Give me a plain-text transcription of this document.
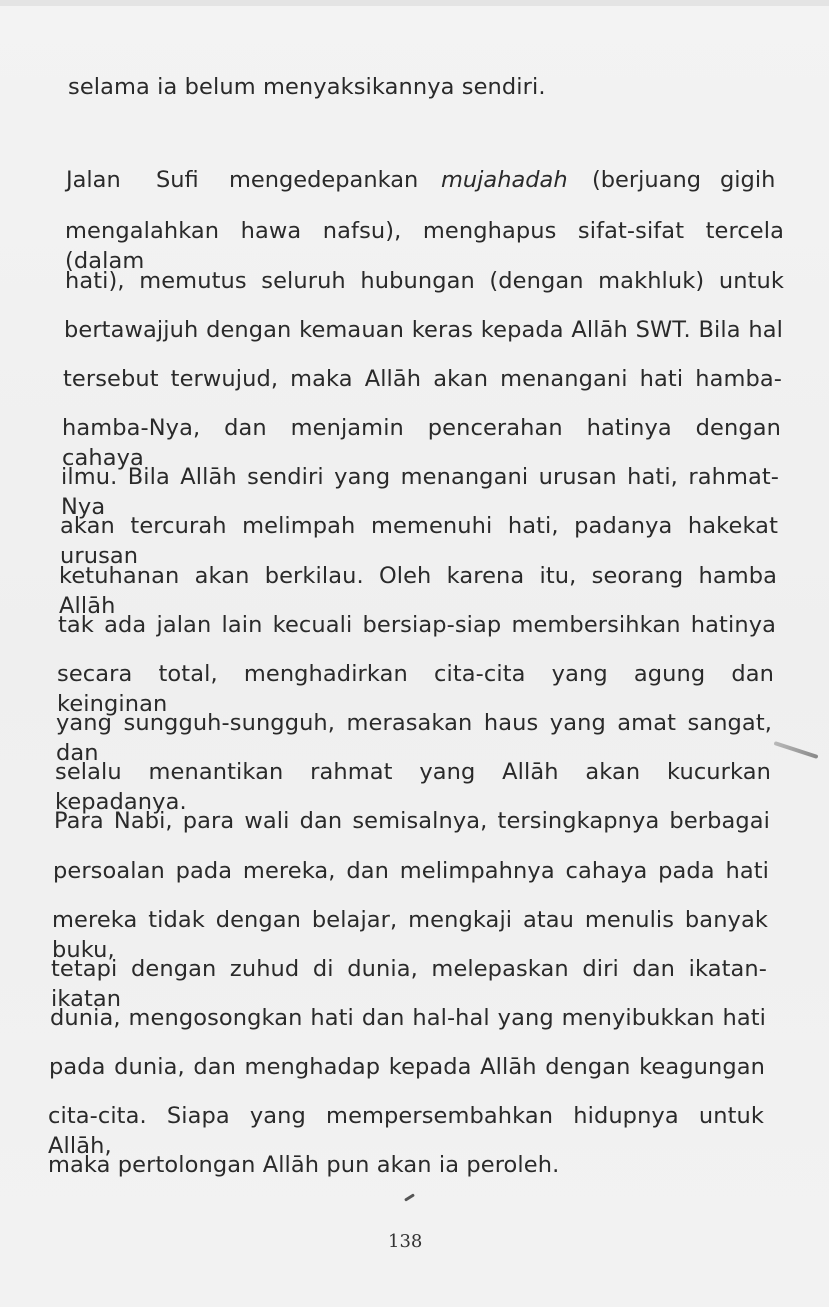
selama ia belum menyaksikannya sendiri.
Jalan Sufi mengedepankan mujahadah (berjuang gigih
mengalahkan hawa nafsu), menghapus sifat-sifat tercela (dalam
hati), memutus seluruh hubungan (dengan makhluk) untuk
bertawajjuh dengan kemauan keras kepada Allāh SWT. Bila hal
tersebut terwujud, maka Allāh akan menangani hati hamba-
hamba-Nya, dan menjamin pencerahan hatinya dengan cahaya
ilmu. Bila Allāh sendiri yang menangani urusan hati, rahmat-Nya
akan tercurah melimpah memenuhi hati, padanya hakekat urusan
ketuhanan akan berkilau. Oleh karena itu, seorang hamba Allāh
tak ada jalan lain kecuali bersiap-siap membersihkan hatinya
secara total, menghadirkan cita-cita yang agung dan keinginan
yang sungguh-sungguh, merasakan haus yang amat sangat, dan
selalu menantikan rahmat yang Allāh akan kucurkan kepadanya.
Para Nabi, para wali dan semisalnya, tersingkapnya berbagai
persoalan pada mereka, dan melimpahnya cahaya pada hati
mereka tidak dengan belajar, mengkaji atau menulis banyak buku,
tetapi dengan zuhud di dunia, melepaskan diri dan ikatan-ikatan
dunia, mengosongkan hati dan hal-hal yang menyibukkan hati
pada dunia, dan menghadap kepada Allāh dengan keagungan
cita-cita. Siapa yang mempersembahkan hidupnya untuk Allāh,
maka pertolongan Allāh pun akan ia peroleh.
138
